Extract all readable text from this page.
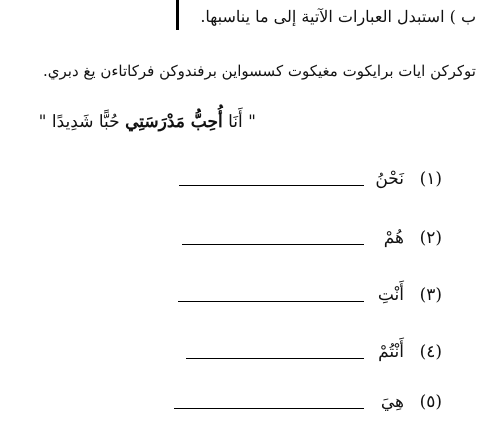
ب ) استبدل العبارات الآتية إلى ما يناسبها.
توكركن ايات برايكوت مغيكوت كسسواين برفندوكن فركاتاءن يغ دبري.
" أَنَا أُحِبُّ مَدْرَسَتِي حُبًّا شَدِيدًا "
(١)
نَحْنُ
(٢)
هُمْ
(٣)
أَنْتِ
(٤)
أَنْتُمْ
(٥)
هِيَ
